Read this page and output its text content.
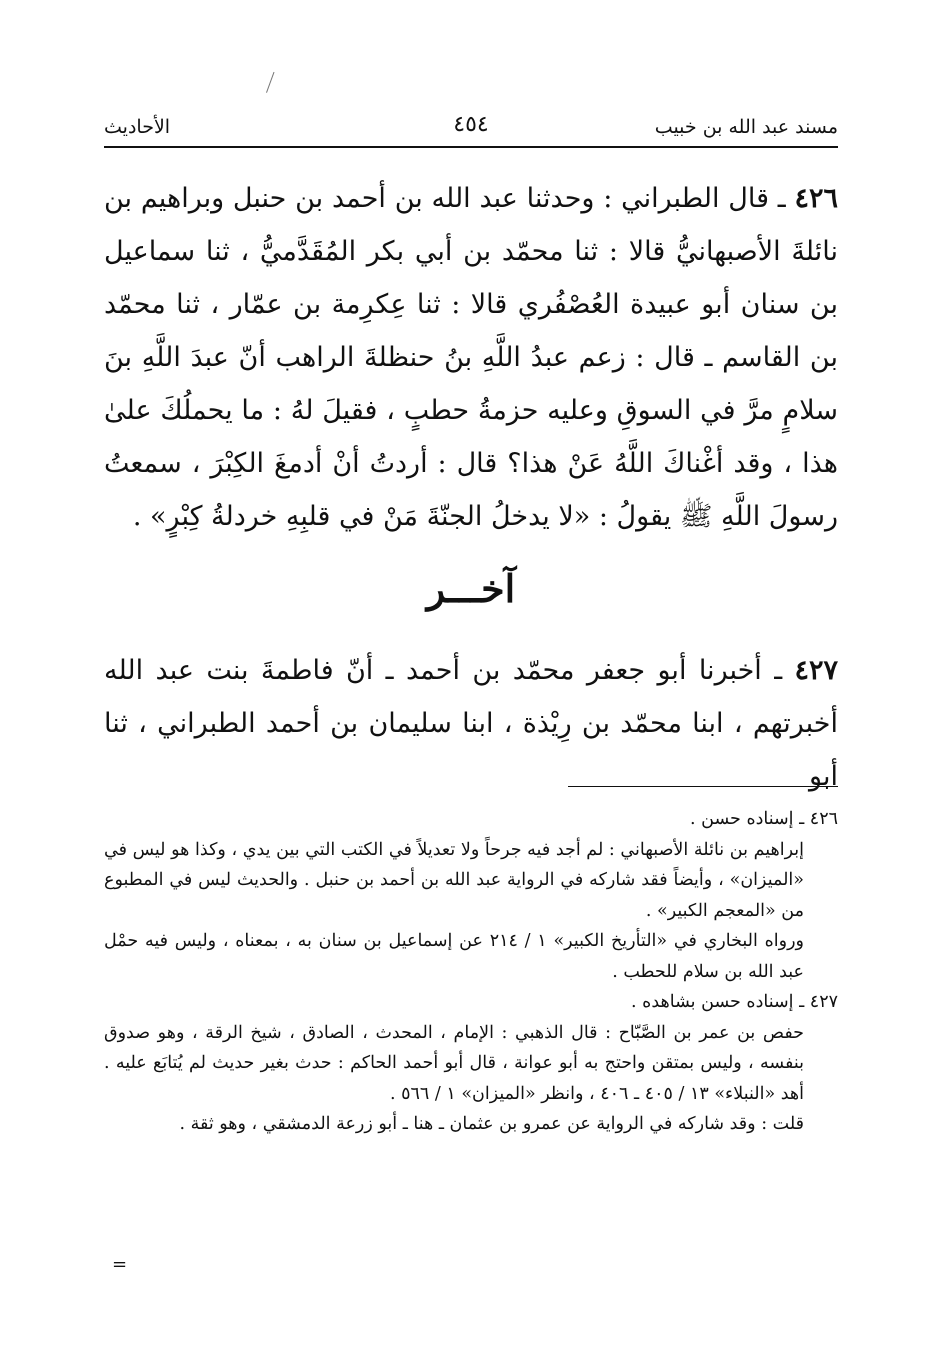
مسند عبد الله بن خبيب
٤٥٤
الأحاديث

٤٢٦ ـ قال الطبراني : وحدثنا عبد الله بن أحمد بن حنبل وبراهيم بن نائلةَ الأصبهانيُّ قالا : ثنا محمّد بن أبي بكر المُقَدَّميُّ ، ثنا سماعيل بن سنان أبو عبيدة العُصْفُري قالا : ثنا عِكرِمة بن عمّار ، ثنا محمّد بن القاسم ـ قال : زعم عبدُ اللَّهِ بنُ حنظلةَ الراهب أنّ عبدَ اللَّهِ بنَ سلامٍ مرَّ في السوقِ وعليه حزمةُ حطبٍ ، فقيلَ لهُ : ما يحملُكَ علىٰ هذا ، وقد أغْناكَ اللَّهُ عَنْ هذا؟ قال : أردتُ أنْ أدمغَ الكِبْرَ ، سمعتُ رسولَ اللَّهِ ﷺ يقولُ : «لا يدخلُ الجنّةَ مَنْ في قلبِهِ خردلةُ كِبْرٍ» .

آخـــر

٤٢٧ ـ أخبرنا أبو جعفر محمّد بن أحمد ـ أنّ فاطمةَ بنت عبد الله أخبرتهم ، ابنا محمّد بن رِيْذة ، ابنا سليمان بن أحمد الطبراني ، ثنا أبو

٤٢٦ ـ إسناده حسن .

إبراهيم بن نائلة الأصبهاني : لم أجد فيه جرحاً ولا تعديلاً في الكتب التي بين يدي ، وكذا هو ليس في «الميزان» ، وأيضاً فقد شاركه في الرواية عبد الله بن أحمد بن حنبل . والحديث ليس في المطبوع من «المعجم الكبير» .

ورواه البخاري في «التأريخ الكبير» ١ / ٢١٤ عن إسماعيل بن سنان به ، بمعناه ، وليس فيه حمْل عبد الله بن سلام للحطب .

٤٢٧ ـ إسناده حسن بشاهده .

حفص بن عمر بن الصَّبّاح : قال الذهبي : الإمام ، المحدث ، الصادق ، شيخ الرقة ، وهو صدوق بنفسه ، وليس بمتقن واحتج به أبو عوانة ، قال أبو أحمد الحاكم : حدث بغير حديث لم يُتابَع عليه . أهد «النبلاء» ١٣ / ٤٠٥ ـ ٤٠٦ ، وانظر «الميزان» ١ / ٥٦٦ .

قلت : وقد شاركه في الرواية عن عمرو بن عثمان ـ هنا ـ أبو زرعة الدمشقي ، وهو ثقة .

=
